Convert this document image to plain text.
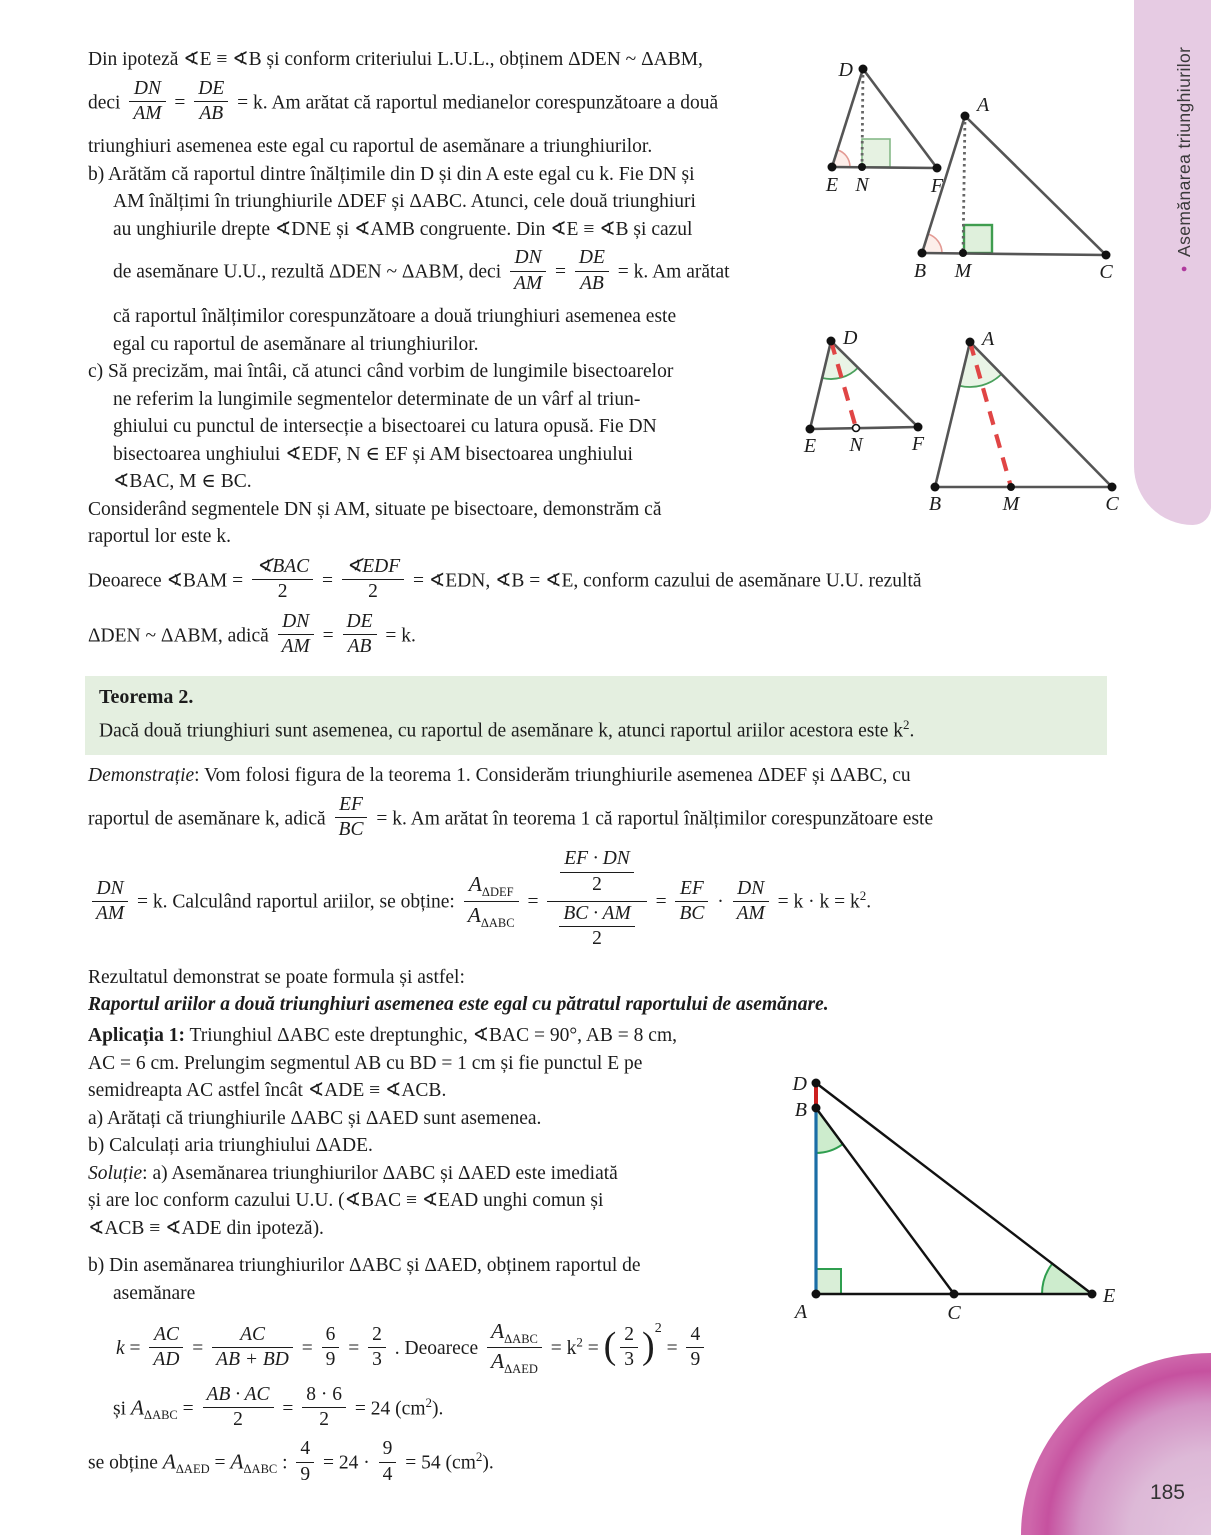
Din ipoteză ∢E ≡ ∢B și conform criteriului L.U.L., obținem ΔDEN ~ ΔABM,
deci $\frac{DN}{AM} = \frac{DE}{AB} = k$. Am arătat că raportul medianelor corespunzătoare a două
triunghiuri asemenea este egal cu raportul de asemănare a triunghiurilor.
b) Arătăm că raportul dintre înălțimile din D și din A este egal cu k. Fie DN și
AM înălțimi în triunghiurile ΔDEF și ΔABC. Atunci, cele două triunghiuri
au unghiurile drepte ∢DNE și ∢AMB congruente. Din ∢E ≡ ∢B și cazul
de asemănare U.U., rezultă ΔDEN ~ ΔABM, deci $\frac{DN}{AM} = \frac{DE}{AB} = k$. Am arătat
că raportul înălțimilor corespunzătoare a două triunghiuri asemenea este
egal cu raportul de asemănare al triunghiurilor.
c) Să precizăm, mai întâi, că atunci când vorbim de lungimile bisectoarelor
ne referim la lungimile segmentelor determinate de un vârf al triun-
ghiului cu punctul de intersecție a bisectoarei cu latura opusă. Fie DN
bisectoarea unghiului ∢EDF, N ∈ EF și AM bisectoarea unghiului
∢BAC, M ∈ BC.
Considerând segmentele DN și AM, situate pe bisectoare, demonstrăm că
raportul lor este k.
Deoarece ∢BAM = $\frac{\text{∢BAC}}{2} = \frac{\text{∢EDF}}{2}$ = ∢EDN, ∢B = ∢E, conform cazului de asemănare U.U. rezultă
ΔDEN ~ ΔABM, adică $\frac{DN}{AM} = \frac{DE}{AB} = k$.
Teorema 2.
Dacă două triunghiuri sunt asemenea, cu raportul de asemănare k, atunci raportul ariilor acestora este $k^2$.
Demonstrație: Vom folosi figura de la teorema 1. Considerăm triunghiurile asemenea ΔDEF și ΔABC, cu
raportul de asemănare k, adică $\frac{EF}{BC} = k$. Am arătat în teorema 1 că raportul înălțimilor corespunzătoare este
$\frac{DN}{AM} = k$. Calculând raportul ariilor, se obține: $\frac{A_{\Delta DEF}}{A_{\Delta ABC}} = \frac{\frac{EF \cdot DN}{2}}{\frac{BC \cdot AM}{2}} = \frac{EF}{BC} \cdot \frac{DN}{AM} = k \cdot k = k^2$.
Rezultatul demonstrat se poate formula și astfel:
Raportul ariilor a două triunghiuri asemenea este egal cu pătratul raportului de asemănare.
Aplicația 1: Triunghiul ΔABC este dreptunghic, ∢BAC = 90°, AB = 8 cm,
AC = 6 cm. Prelungim segmentul AB cu BD = 1 cm și fie punctul E pe
semidreapta AC astfel încât ∢ADE ≡ ∢ACB.
a) Arătați că triunghiurile ΔABC și ΔAED sunt asemenea.
b) Calculați aria triunghiului ΔADE.
Soluție: a) Asemănarea triunghiurilor ΔABC și ΔAED este imediată
și are loc conform cazului U.U. (∢BAC ≡ ∢EAD unghi comun și
∢ACB ≡ ∢ADE din ipoteză).
b) Din asemănarea triunghiurilor ΔABC și ΔAED, obținem raportul de
asemănare
$k = \frac{AC}{AD} = \frac{AC}{AB + BD} = \frac{6}{9} = \frac{2}{3}$ . Deoarece $\frac{A_{\Delta ABC}}{A_{\Delta AED}} = k^2$ = ( $\frac{2}{3} )^2 = \frac{4}{9}$
și $A_{\Delta ABC} = \frac{AB \cdot AC}{2} = \frac{8 \cdot 6}{2} = 24$ $(cm^2)$.
se obține $A_{\Delta AED} = A_{\Delta ABC}$ : $\frac{4}{9} = 24 \cdot \frac{9}{4} = 54$ $(cm^2)$.
D
E N	F
A
B M	C
D
E N F
A
B	M	C
D
B
A	C
E
•Asemănarea triunghiurilor
185
